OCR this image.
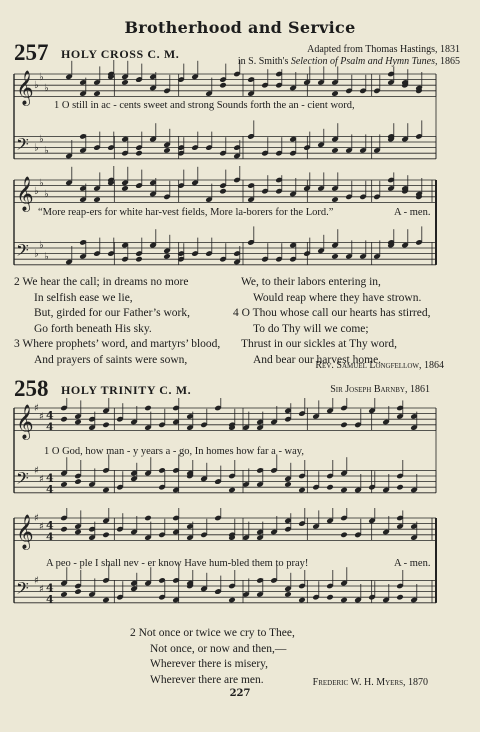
Brotherhood and Service
257 HOLY CROSS C. M.	Adapted from Thomas Hastings, 1831
in S. Smith's Selection of Psalm and Hymn Tunes, 1865
𝄞 ♭
♭
♭
𝄢 ♭
♭
♭
1 O still in ac - cents sweet and strong Sounds forth the an - cient word,
𝄞 ♭
♭
♭
𝄢 ♭
♭
♭
“More reap-ers for white har-vest fields, More la-borers for the Lord.”	A - men.
2 We hear the call; in dreams no more
In selfish ease we lie,
But, girded for our Father’s work,
Go forth beneath His sky.
3 Where prophets’ word, and martyrs’ blood,
And prayers of saints were sown,
We, to their labors entering in,
Would reap where they have strown.
4 O Thou whose call our hearts has stirred,
To do Thy will we come;
Thrust in our sickles at Thy word,
And bear our harvest home.
Rev. Samuel Longfellow, 1864
258 HOLY TRINITY C. M.	Sir Joseph Barnby, 1861
𝄞 ♯
♯ 4
4
𝄢 ♯
♯ 4
4
1 O God, how man - y years a - go, In homes how far a - way,
𝄞 ♯
♯ 4
4
𝄢 ♯
♯ 4
4
A peo - ple I shall nev - er know Have hum-bled them to pray!	A - men.
2 Not once or twice we cry to Thee,
Not once, or now and then,—
Wherever there is misery,
Wherever there are men.	Frederic W. H. Myers, 1870
227
